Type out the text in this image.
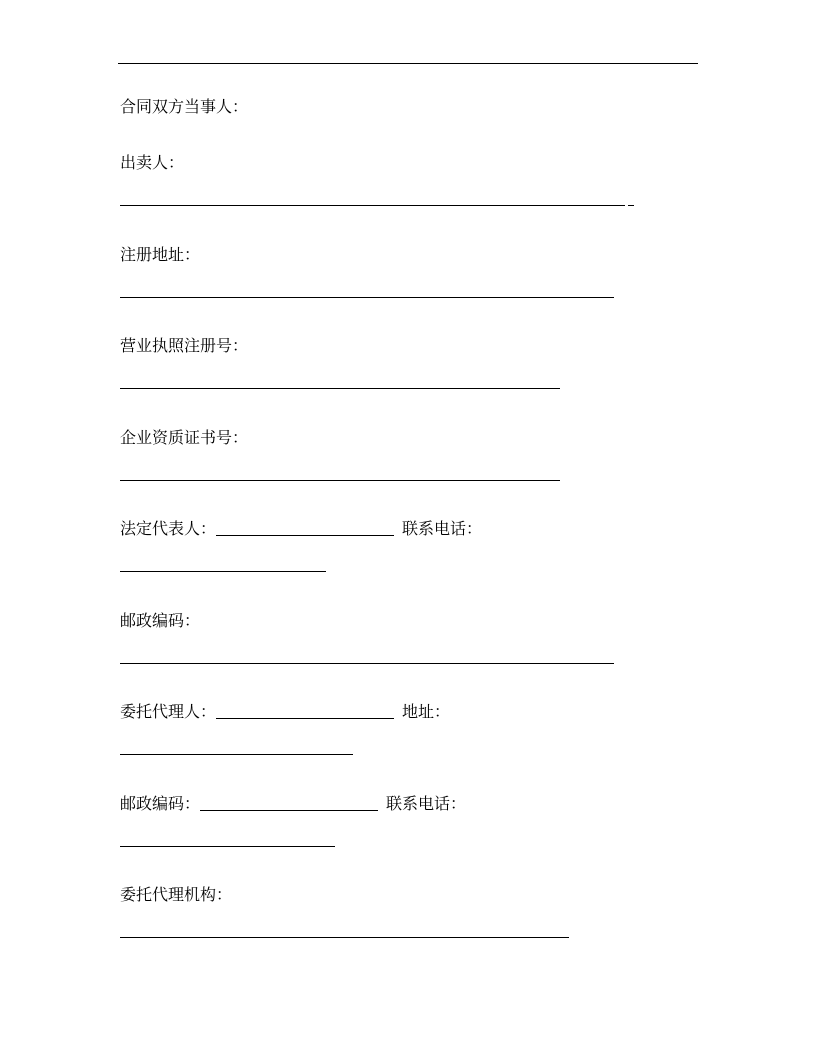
合同双方当事人：
出卖人：
注册地址：
营业执照注册号：
企业资质证书号：
法定代表人：	联系电话：
邮政编码：
委托代理人：	地址：
邮政编码：	联系电话：
委托代理机构：
